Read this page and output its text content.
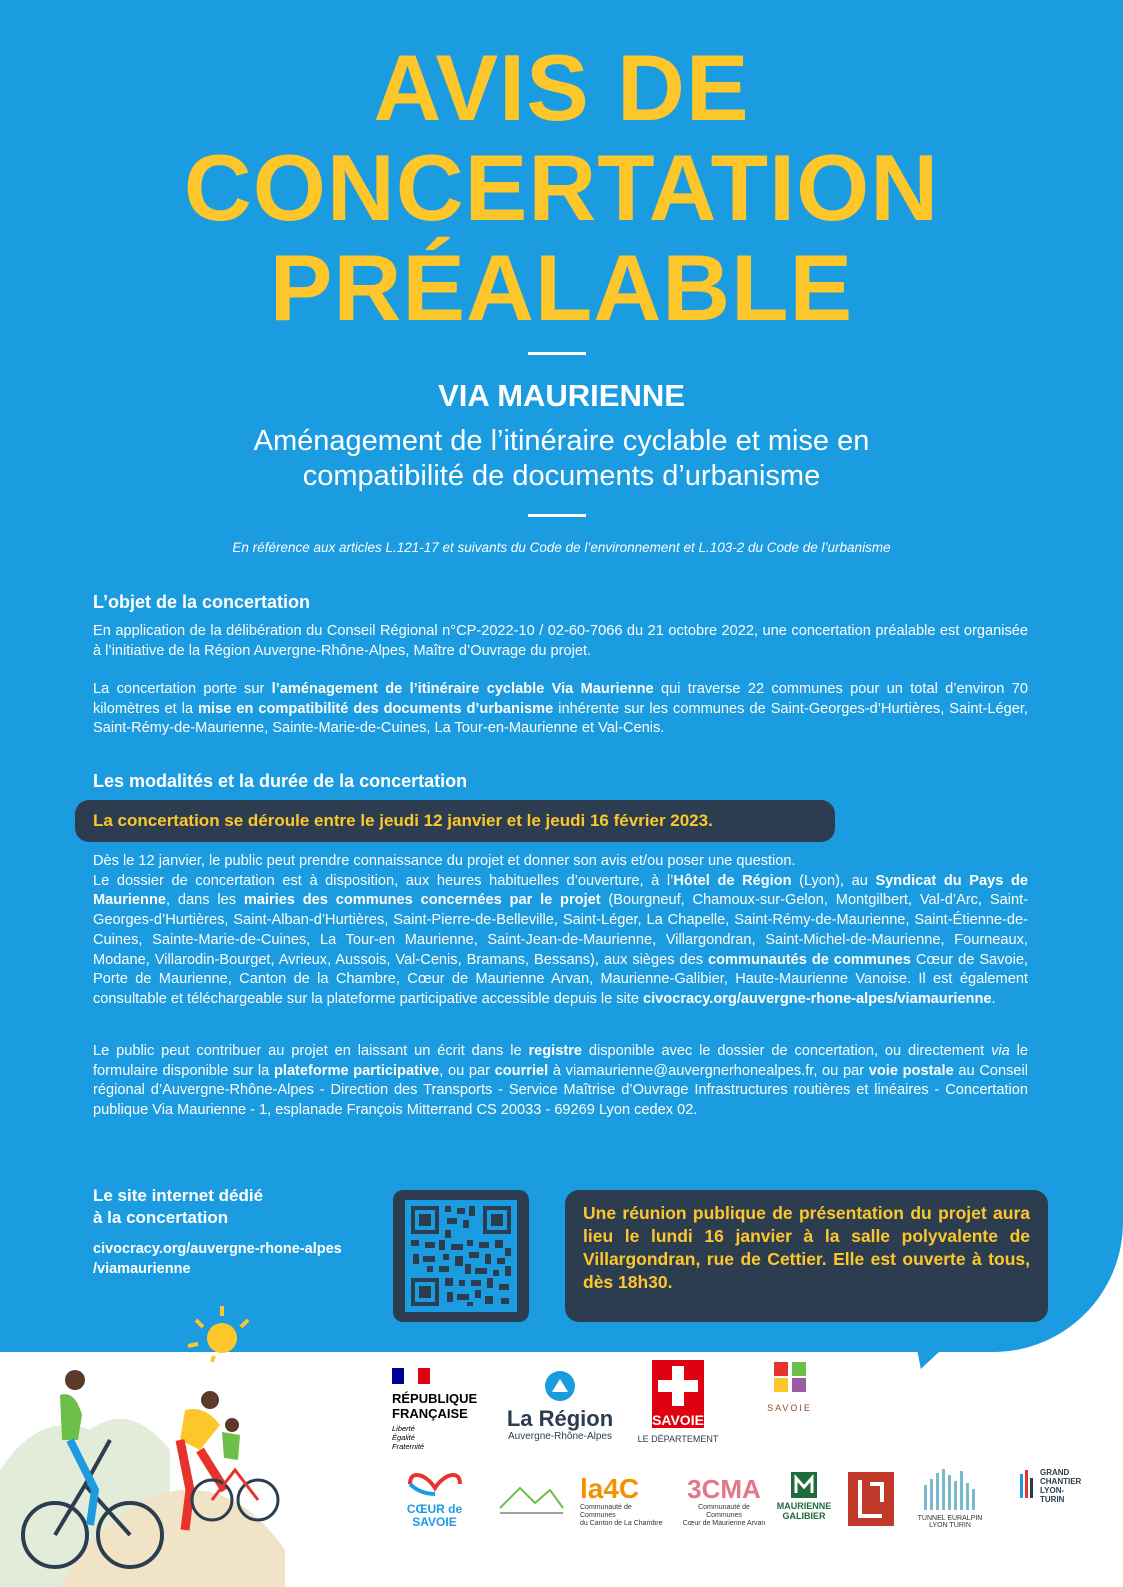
AVIS DE
CONCERTATION
PRÉALABLE
VIA MAURIENNE

Aménagement de l’itinéraire cyclable et mise en
compatibilité de documents d’urbanisme

En référence aux articles L.121-17 et suivants du Code de l’environnement et L.103-2 du Code de l’urbanisme

L’objet de la concertation

En application de la délibération du Conseil Régional n°CP-2022-10 / 02-60-7066 du 21 octobre 2022, une concertation préalable est organisée à l’initiative de la Région Auvergne-Rhône-Alpes, Maître d’Ouvrage du projet.

La concertation porte sur l’aménagement de l’itinéraire cyclable Via Maurienne qui traverse 22 communes pour un total d’environ 70 kilomètres et la mise en compatibilité des documents d’urbanisme inhérente sur les communes de Saint-Georges-d’Hurtières, Saint-Léger, Saint-Rémy-de-Maurienne, Sainte-Marie-de-Cuines, La Tour-en-Maurienne et Val-Cenis.

Les modalités et la durée de la concertation
La concertation se déroule entre le jeudi 12 janvier et le jeudi 16 février 2023.

Dès le 12 janvier, le public peut prendre connaissance du projet et donner son avis et/ou poser une question.
Le dossier de concertation est à disposition, aux heures habituelles d’ouverture, à l’Hôtel de Région (Lyon), au Syndicat du Pays de Maurienne, dans les mairies des communes concernées par le projet (Bourgneuf, Chamoux-sur-Gelon, Montgilbert, Val-d’Arc, Saint-Georges-d’Hurtières, Saint-Alban-d’Hurtières, Saint-Pierre-de-Belleville, Saint-Léger, La Chapelle, Saint-Rémy-de-Maurienne, Saint-Étienne-de-Cuines, Sainte-Marie-de-Cuines, La Tour-en Maurienne, Saint-Jean-de-Maurienne, Villargondran, Saint-Michel-de-Maurienne, Fourneaux, Modane, Villarodin-Bourget, Avrieux, Aussois, Val-Cenis, Bramans, Bessans), aux sièges des communautés de communes Cœur de Savoie, Porte de Maurienne, Canton de la Chambre, Cœur de Maurienne Arvan, Maurienne-Galibier, Haute-Maurienne Vanoise. Il est également consultable et téléchargeable sur la plateforme participative accessible depuis le site civocracy.org/auvergne-rhone-alpes/viamaurienne.

Le public peut contribuer au projet en laissant un écrit dans le registre disponible avec le dossier de concertation, ou directement via le formulaire disponible sur la plateforme participative, ou par courriel à viamaurienne@auvergnerhonealpes.fr, ou par voie postale au Conseil régional d’Auvergne-Rhône-Alpes - Direction des Transports - Service Maîtrise d’Ouvrage Infrastructures routières et linéaires - Concertation publique Via Maurienne - 1, esplanade François Mitterrand CS 20033 - 69269 Lyon cedex 02.

Le site internet dédié
à la concertation

civocracy.org/auvergne-rhone-alpes
/viamaurienne

Une réunion publique de présentation du projet aura lieu le lundi 16 janvier à la salle polyvalente de Villargondran, rue de Cettier. Elle est ouverte à tous, dès 18h30.
RÉPUBLIQUE
FRANÇAISE
Liberté
Égalité
Fraternité
La Région
Auvergne-Rhône-Alpes
SAVOIE
LE DÉPARTEMENT
SAVOIE
CŒUR de
SAVOIE
la4C
Communauté de Communes
du Canton de La Chambre
3CMA
Communauté de Communes
Cœur de Maurienne Arvan
MAURIENNE
GALIBIER	TUNNEL EURALPIN LYON TURIN
GRAND
CHANTIER
LYON-TURIN
